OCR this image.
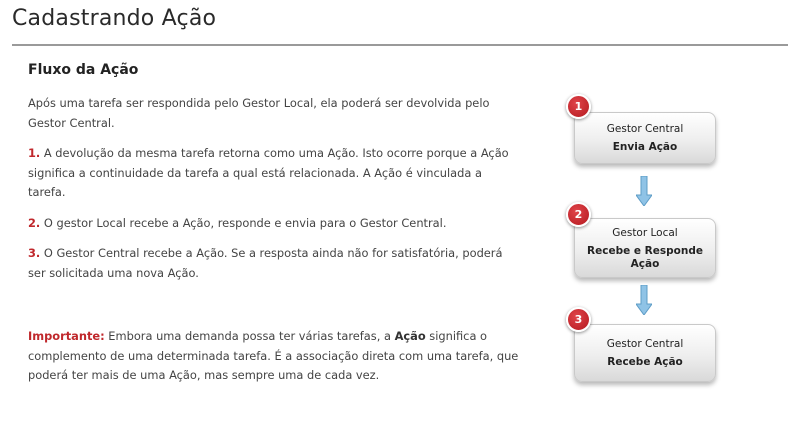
Cadastrando Ação
Fluxo da Ação

Após uma tarefa ser respondida pelo Gestor Local, ela poderá ser devolvida pelo Gestor Central.

1. A devolução da mesma tarefa retorna como uma Ação. Isto ocorre porque a Ação significa a continuidade da tarefa a qual está relacionada. A Ação é vinculada a tarefa.

2. O gestor Local recebe a Ação, responde e envia para o Gestor Central.

3. O Gestor Central recebe a Ação. Se a resposta ainda não for satisfatória, poderá ser solicitada uma nova Ação.

Importante: Embora uma demanda possa ter várias tarefas, a Ação significa o complemento de uma determinada tarefa. É a associação direta com uma tarefa, que poderá ter mais de uma Ação, mas sempre uma de cada vez.

Gestor Central
Envia Ação
1
Gestor Local
Recebe e Responde Ação
2
Gestor Central
Recebe Ação
3
